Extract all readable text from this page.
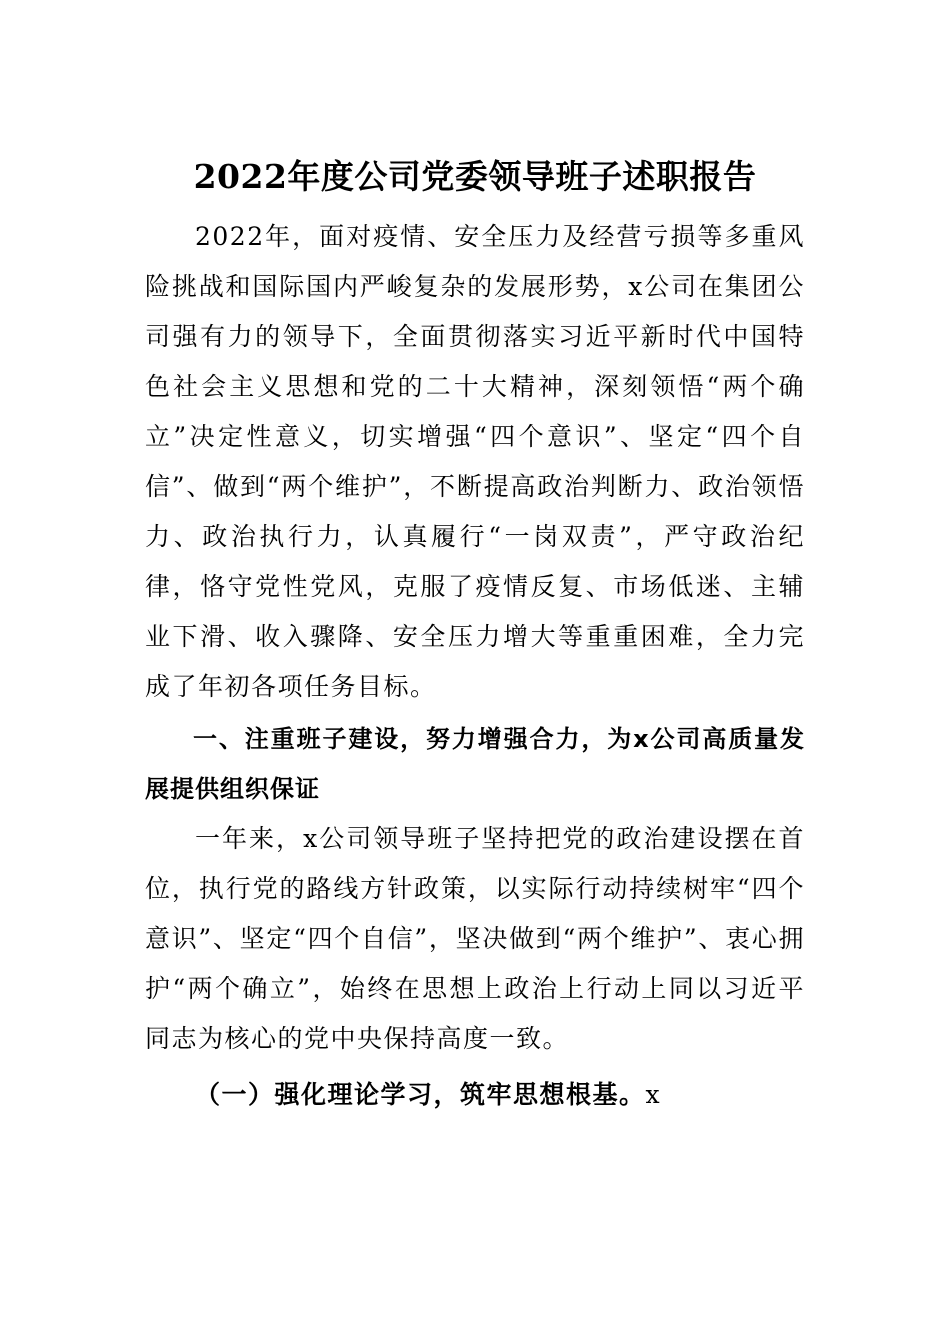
2022年度公司党委领导班子述职报告

2022年，面对疫情、安全压力及经营亏损等多重风险挑战和国际国内严峻复杂的发展形势，x公司在集团公司强有力的领导下，全面贯彻落实习近平新时代中国特色社会主义思想和党的二十大精神，深刻领悟“两个确立”决定性意义，切实增强“四个意识”、坚定“四个自信”、做到“两个维护”，不断提高政治判断力、政治领悟力、政治执行力，认真履行“一岗双责”，严守政治纪律，恪守党性党风，克服了疫情反复、市场低迷、主辅业下滑、收入骤降、安全压力增大等重重困难，全力完成了年初各项任务目标。

一、注重班子建设，努力增强合力，为x公司高质量发展提供组织保证

一年来，x公司领导班子坚持把党的政治建设摆在首位，执行党的路线方针政策，以实际行动持续树牢“四个意识”、坚定“四个自信”，坚决做到“两个维护”、衷心拥护“两个确立”，始终在思想上政治上行动上同以习近平同志为核心的党中央保持高度一致。

（一）强化理论学习，筑牢思想根基。x
